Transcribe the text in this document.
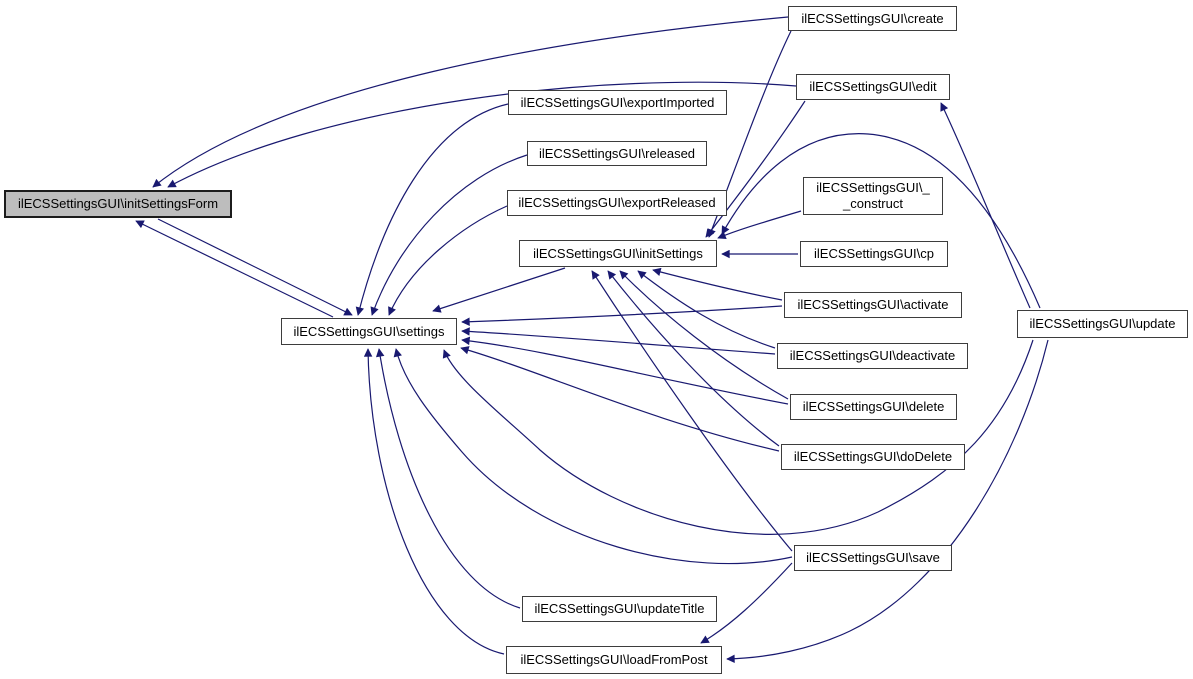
ilECSSettingsGUI\initSettingsForm
ilECSSettingsGUI\create
ilECSSettingsGUI\edit
ilECSSettingsGUI\exportImported
ilECSSettingsGUI\released
ilECSSettingsGUI\exportReleased
ilECSSettingsGUI\initSettings
ilECSSettingsGUI\_
_construct
ilECSSettingsGUI\cp
ilECSSettingsGUI\activate
ilECSSettingsGUI\deactivate
ilECSSettingsGUI\delete
ilECSSettingsGUI\doDelete
ilECSSettingsGUI\settings	ilECSSettingsGUI\update
ilECSSettingsGUI\save
ilECSSettingsGUI\updateTitle
ilECSSettingsGUI\loadFromPost
